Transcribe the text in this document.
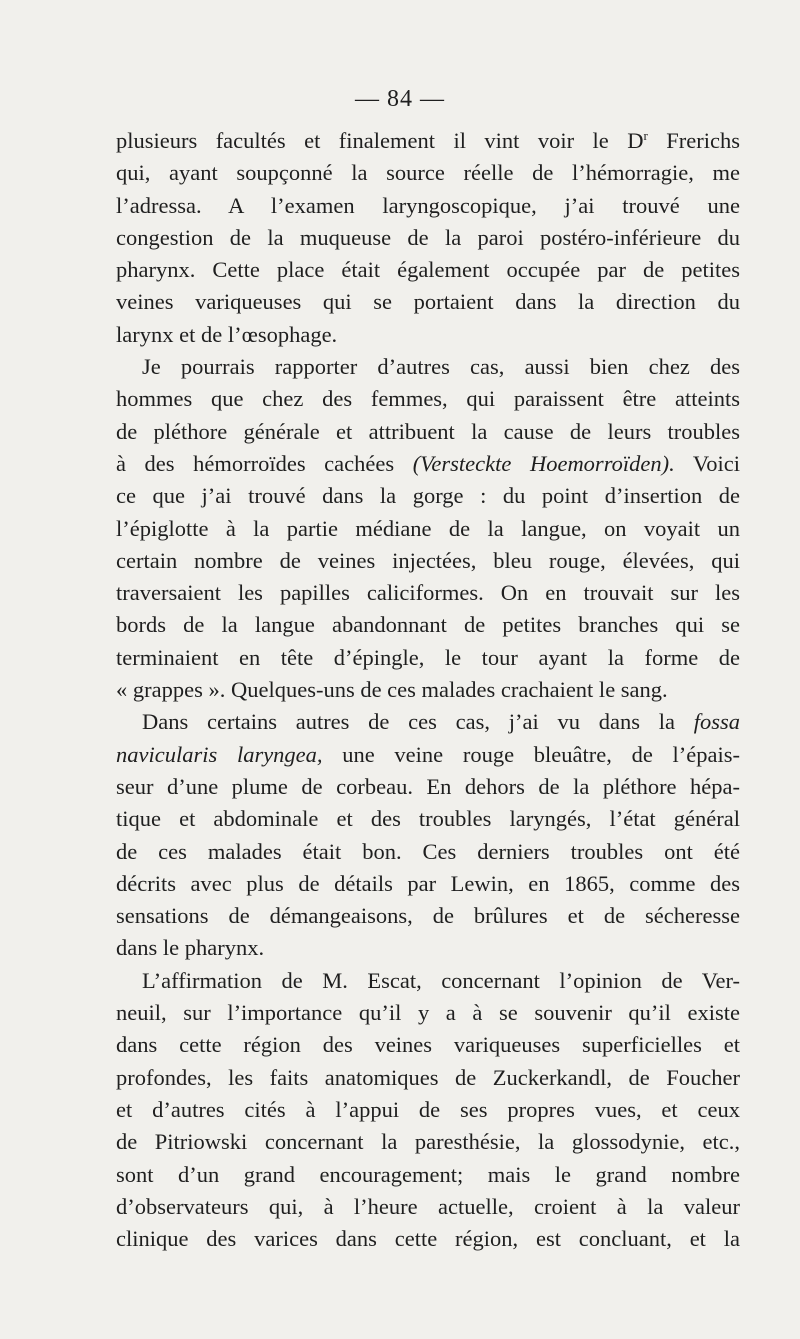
— 84 —
plusieurs facultés et finalement il vint voir le $D^r$ Frerichs
qui, ayant soupçonné la source réelle de l’hémorragie, me
l’adressa. A l’examen laryngoscopique, j’ai trouvé une
congestion de la muqueuse de la paroi postéro-inférieure du
pharynx. Cette place était également occupée par de petites
veines variqueuses qui se portaient dans la direction du
larynx et de l’œsophage.
Je pourrais rapporter d’autres cas, aussi bien chez des
hommes que chez des femmes, qui paraissent être atteints
de pléthore générale et attribuent la cause de leurs troubles
à des hémorroïdes cachées (Versteckte Hoemorroïden). Voici
ce que j’ai trouvé dans la gorge : du point d’insertion de
l’épiglotte à la partie médiane de la langue, on voyait un
certain nombre de veines injectées, bleu rouge, élevées, qui
traversaient les papilles caliciformes. On en trouvait sur les
bords de la langue abandonnant de petites branches qui se
terminaient en tête d’épingle, le tour ayant la forme de
« grappes ». Quelques-uns de ces malades crachaient le sang.
Dans certains autres de ces cas, j’ai vu dans la fossa
navicularis laryngea, une veine rouge bleuâtre, de l’épais-
seur d’une plume de corbeau. En dehors de la pléthore hépa-
tique et abdominale et des troubles laryngés, l’état général
de ces malades était bon. Ces derniers troubles ont été
décrits avec plus de détails par Lewin, en 1865, comme des
sensations de démangeaisons, de brûlures et de sécheresse
dans le pharynx.
L’affirmation de M. Escat, concernant l’opinion de Ver-
neuil, sur l’importance qu’il y a à se souvenir qu’il existe
dans cette région des veines variqueuses superficielles et
profondes, les faits anatomiques de Zuckerkandl, de Foucher
et d’autres cités à l’appui de ses propres vues, et ceux
de Pitriowski concernant la paresthésie, la glossodynie, etc.,
sont d’un grand encouragement; mais le grand nombre
d’observateurs qui, à l’heure actuelle, croient à la valeur
clinique des varices dans cette région, est concluant, et la
